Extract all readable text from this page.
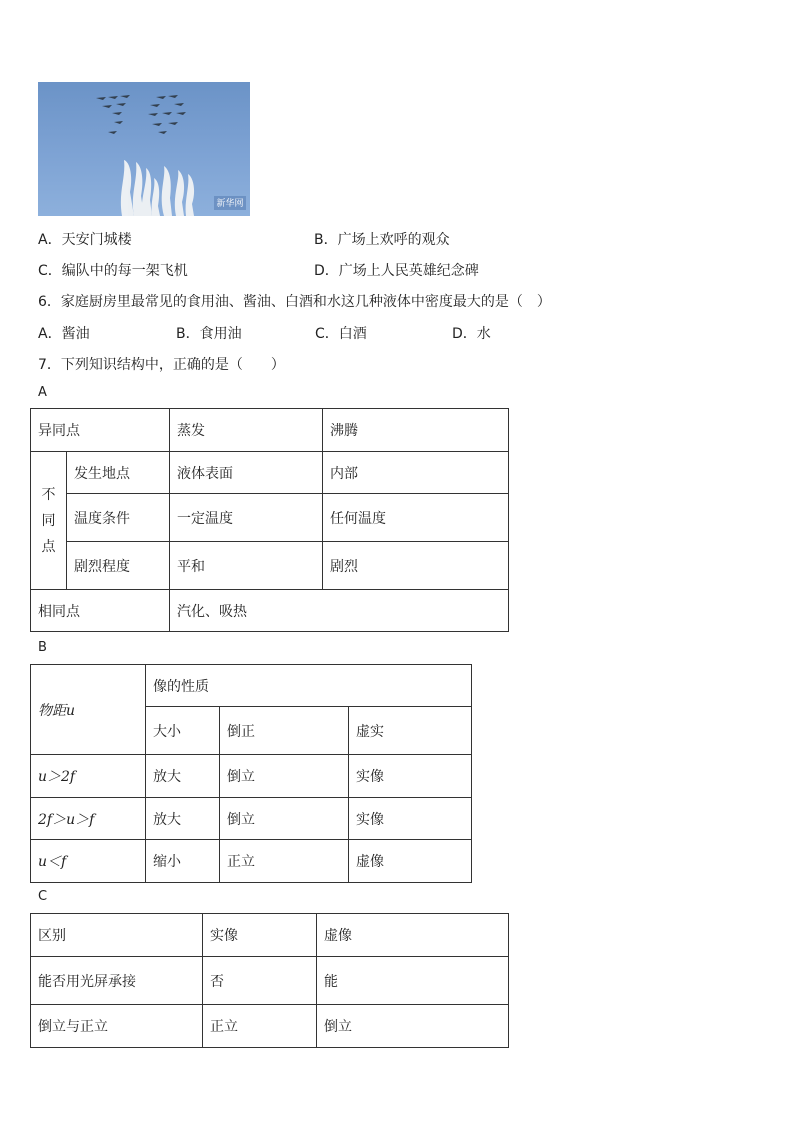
新华网
A．天安门城楼	B．广场上欢呼的观众
C．编队中的每一架飞机	D．广场上人民英雄纪念碑
6．家庭厨房里最常见的食用油、酱油、白酒和水这几种液体中密度最大的是（　）
A．酱油	B．食用油	C．白酒	D．水
7．下列知识结构中，正确的是（　　）
A
异同点		蒸发	沸腾
不同点	发生地点	液体表面	内部
	温度条件	一定温度	任何温度
	剧烈程度	平和	剧烈
相同点		汽化、吸热	
B
物距u	像的性质		
	大小	倒正	虚实
u＞2f	放大	倒立	实像
2f＞u＞f	放大	倒立	实像
u＜f	缩小	正立	虚像
C
区别	实像	虚像
能否用光屏承接	否	能
倒立与正立	正立	倒立
